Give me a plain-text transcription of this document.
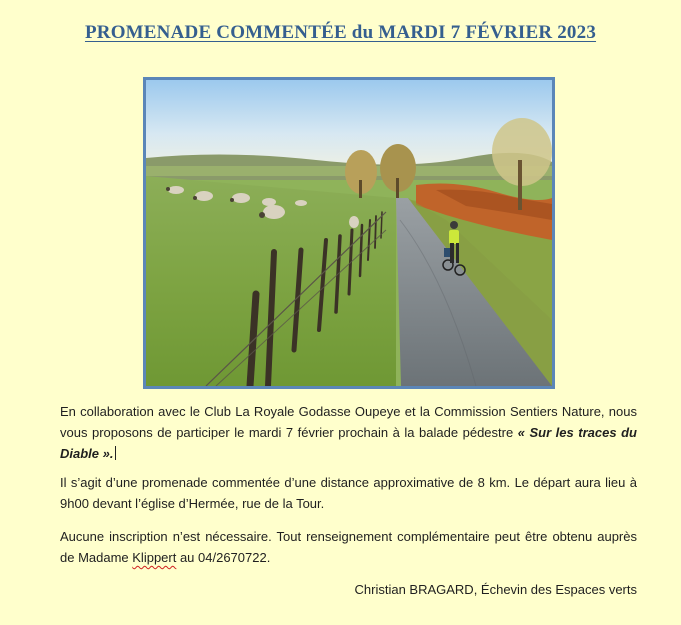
PROMENADE COMMENTÉE du MARDI 7 FÉVRIER 2023
En collaboration avec le Club La Royale Godasse Oupeye et la Commission Sentiers Nature, nous vous proposons de participer le mardi 7 février prochain à la balade pédestre « Sur les traces du Diable ».
Il s’agit d’une promenade commentée d’une distance approximative de 8 km. Le départ aura lieu à 9h00 devant l’église d’Hermée, rue de la Tour.
Aucune inscription n’est nécessaire. Tout renseignement complémentaire peut être obtenu auprès de Madame Klippert au 04/2670722.
Christian BRAGARD, Échevin des Espaces verts
